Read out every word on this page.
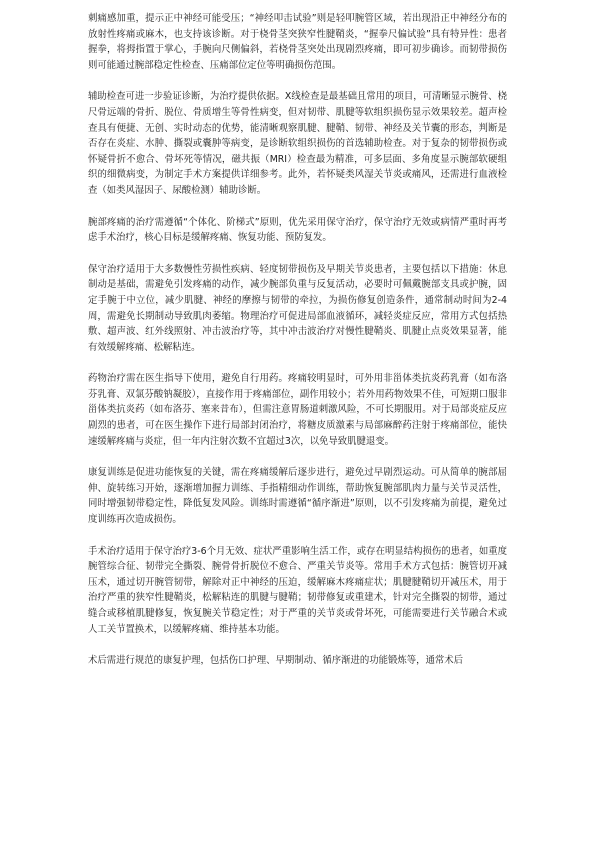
刺痛感加重，提示正中神经可能受压；“神经叩击试验”则是轻叩腕管区域，若出现沿正中神经分布的放射性疼痛或麻木，也支持该诊断。对于桡骨茎突狭窄性腱鞘炎，“握拳尺偏试验”具有特异性：患者握拳，将拇指置于掌心，手腕向尺侧偏斜，若桡骨茎突处出现剧烈疼痛，即可初步确诊。而韧带损伤则可能通过腕部稳定性检查、压痛部位定位等明确损伤范围。

辅助检查可进一步验证诊断，为治疗提供依据。X线检查是最基础且常用的项目，可清晰显示腕骨、桡尺骨远端的骨折、脱位、骨质增生等骨性病变，但对韧带、肌腱等软组织损伤显示效果较差。超声检查具有便捷、无创、实时动态的优势，能清晰观察肌腱、腱鞘、韧带、神经及关节囊的形态，判断是否存在炎症、水肿、撕裂或囊肿等病变，是诊断软组织损伤的首选辅助检查。对于复杂的韧带损伤或怀疑骨折不愈合、骨坏死等情况，磁共振（MRI）检查最为精准，可多层面、多角度显示腕部软硬组织的细微病变，为制定手术方案提供详细参考。此外，若怀疑类风湿关节炎或痛风，还需进行血液检查（如类风湿因子、尿酸检测）辅助诊断。

腕部疼痛的治疗需遵循“个体化、阶梯式”原则，优先采用保守治疗，保守治疗无效或病情严重时再考虑手术治疗，核心目标是缓解疼痛、恢复功能、预防复发。

保守治疗适用于大多数慢性劳损性疾病、轻度韧带损伤及早期关节炎患者，主要包括以下措施：休息制动是基础，需避免引发疼痛的动作，减少腕部负重与反复活动，必要时可佩戴腕部支具或护腕，固定手腕于中立位，减少肌腱、神经的摩擦与韧带的牵拉，为损伤修复创造条件，通常制动时间为2-4周，需避免长期制动导致肌肉萎缩。物理治疗可促进局部血液循环，减轻炎症反应，常用方式包括热敷、超声波、红外线照射、冲击波治疗等，其中冲击波治疗对慢性腱鞘炎、肌腱止点炎效果显著，能有效缓解疼痛、松解粘连。

药物治疗需在医生指导下使用，避免自行用药。疼痛较明显时，可外用非甾体类抗炎药乳膏（如布洛芬乳膏、双氯芬酸钠凝胶），直接作用于疼痛部位，副作用较小；若外用药物效果不佳，可短期口服非甾体类抗炎药（如布洛芬、塞来昔布），但需注意胃肠道刺激风险，不可长期服用。对于局部炎症反应剧烈的患者，可在医生操作下进行局部封闭治疗，将糖皮质激素与局部麻醉药注射于疼痛部位，能快速缓解疼痛与炎症，但一年内注射次数不宜超过3次，以免导致肌腱退变。

康复训练是促进功能恢复的关键，需在疼痛缓解后逐步进行，避免过早剧烈运动。可从简单的腕部屈伸、旋转练习开始，逐渐增加握力训练、手指精细动作训练，帮助恢复腕部肌肉力量与关节灵活性，同时增强韧带稳定性，降低复发风险。训练时需遵循“循序渐进”原则，以不引发疼痛为前提，避免过度训练再次造成损伤。

手术治疗适用于保守治疗3-6个月无效、症状严重影响生活工作，或存在明显结构损伤的患者，如重度腕管综合征、韧带完全撕裂、腕骨骨折脱位不愈合、严重关节炎等。常用手术方式包括：腕管切开减压术，通过切开腕管韧带，解除对正中神经的压迫，缓解麻木疼痛症状；肌腱腱鞘切开减压术，用于治疗严重的狭窄性腱鞘炎，松解粘连的肌腱与腱鞘；韧带修复或重建术，针对完全撕裂的韧带，通过缝合或移植肌腱修复，恢复腕关节稳定性；对于严重的关节炎或骨坏死，可能需要进行关节融合术或人工关节置换术，以缓解疼痛、维持基本功能。

术后需进行规范的康复护理，包括伤口护理、早期制动、循序渐进的功能锻炼等，通常术后
